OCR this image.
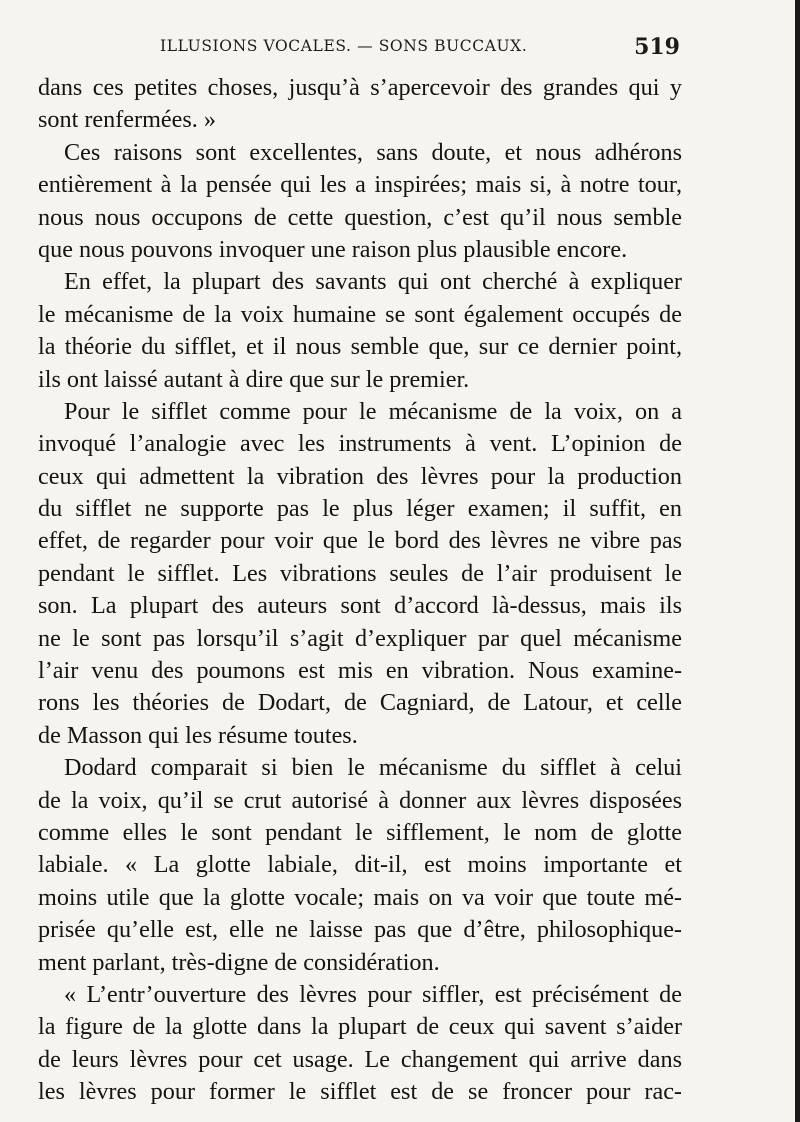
ILLUSIONS VOCALES. — SONS BUCCAUX.	519
dans ces petites choses, jusqu’à s’apercevoir des grandes qui y
sont renfermées. »
Ces raisons sont excellentes, sans doute, et nous adhérons
entièrement à la pensée qui les a inspirées; mais si, à notre tour,
nous nous occupons de cette question, c’est qu’il nous semble
que nous pouvons invoquer une raison plus plausible encore.
En effet, la plupart des savants qui ont cherché à expliquer
le mécanisme de la voix humaine se sont également occupés de
la théorie du sifflet, et il nous semble que, sur ce dernier point,
ils ont laissé autant à dire que sur le premier.
Pour le sifflet comme pour le mécanisme de la voix, on a
invoqué l’analogie avec les instruments à vent. L’opinion de
ceux qui admettent la vibration des lèvres pour la production
du sifflet ne supporte pas le plus léger examen; il suffit, en
effet, de regarder pour voir que le bord des lèvres ne vibre pas
pendant le sifflet. Les vibrations seules de l’air produisent le
son. La plupart des auteurs sont d’accord là-dessus, mais ils
ne le sont pas lorsqu’il s’agit d’expliquer par quel mécanisme
l’air venu des poumons est mis en vibration. Nous examine-
rons les théories de Dodart, de Cagniard, de Latour, et celle
de Masson qui les résume toutes.
Dodard comparait si bien le mécanisme du sifflet à celui
de la voix, qu’il se crut autorisé à donner aux lèvres disposées
comme elles le sont pendant le sifflement, le nom de glotte
labiale. « La glotte labiale, dit-il, est moins importante et
moins utile que la glotte vocale; mais on va voir que toute mé-
prisée qu’elle est, elle ne laisse pas que d’être, philosophique-
ment parlant, très-digne de considération.
« L’entr’ouverture des lèvres pour siffler, est précisément de
la figure de la glotte dans la plupart de ceux qui savent s’aider
de leurs lèvres pour cet usage. Le changement qui arrive dans
les lèvres pour former le sifflet est de se froncer pour rac-
